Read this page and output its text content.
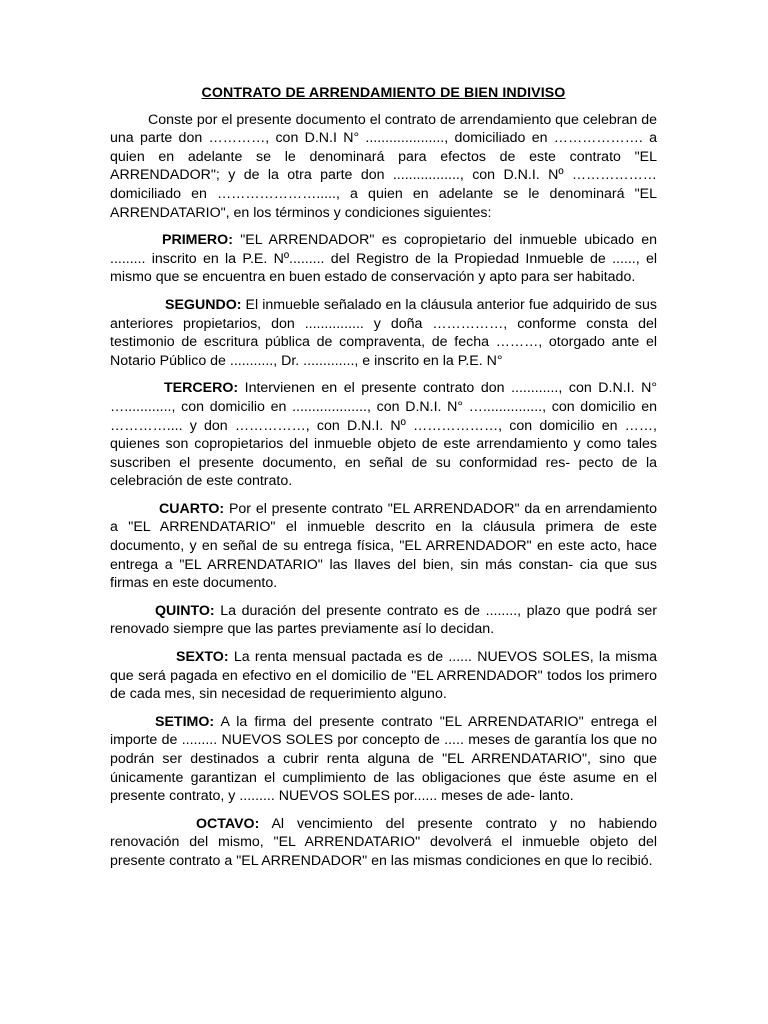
CONTRATO DE ARRENDAMIENTO DE BIEN INDIVISO

Conste por el presente documento el contrato de arrendamiento que celebran de una parte don …………, con D.N.I N° ...................., domiciliado en ………………. a quien en adelante se le denominará para efectos de este contrato "EL ARRENDADOR"; y de la otra parte don ................., con D.N.I. Nº ……………… domiciliado en …………………....., a quien en adelante se le denominará "EL ARRENDATARIO", en los términos y condiciones siguientes:

PRIMERO: "EL ARRENDADOR" es copropietario del inmueble ubicado en ......... inscrito en la P.E. Nº......... del Registro de la Propiedad Inmueble de ......, el mismo que se encuentra en buen estado de conservación y apto para ser habitado.

SEGUNDO: El inmueble señalado en la cláusula anterior fue adquirido de sus anteriores propietarios, don ............... y doña ……………, conforme consta del testimonio de escritura pública de compraventa, de fecha ………, otorgado ante el Notario Público de ..........., Dr. ............., e inscrito en la P.E. N°

TERCERO: Intervienen en el presente contrato don ............, con D.N.I. N° …............, con domicilio en ..................., con D.N.I. N° …..............., con domicilio en ………….... y don ……………, con D.N.I. Nº ………………, con domicilio en ……, quienes son copropietarios del inmueble objeto de este arrendamiento y como tales suscriben el presente documento, en señal de su conformidad res- pecto de la celebración de este contrato.

CUARTO: Por el presente contrato "EL ARRENDADOR" da en arrendamiento a "EL ARRENDATARIO" el inmueble descrito en la cláusula primera de este documento, y en señal de su entrega física, "EL ARRENDADOR" en este acto, hace entrega a "EL ARRENDATARIO" las llaves del bien, sin más constan- cia que sus firmas en este documento.

QUINTO: La duración del presente contrato es de ........, plazo que podrá ser renovado siempre que las partes previamente así lo decidan.

SEXTO: La renta mensual pactada es de ...... NUEVOS SOLES, la misma que será pagada en efectivo en el domicilio de "EL ARRENDADOR" todos los primero de cada mes, sin necesidad de requerimiento alguno.

SETIMO: A la firma del presente contrato "EL ARRENDATARIO" entrega el importe de ......... NUEVOS SOLES por concepto de ..... meses de garantía los que no podrán ser destinados a cubrir renta alguna de "EL ARRENDATARIO", sino que únicamente garantizan el cumplimiento de las obligaciones que éste asume en el presente contrato, y ......... NUEVOS SOLES por...... meses de ade- lanto.

OCTAVO: Al vencimiento del presente contrato y no habiendo renovación del mismo, "EL ARRENDATARIO" devolverá el inmueble objeto del presente contrato a "EL ARRENDADOR" en las mismas condiciones en que lo recibió.
